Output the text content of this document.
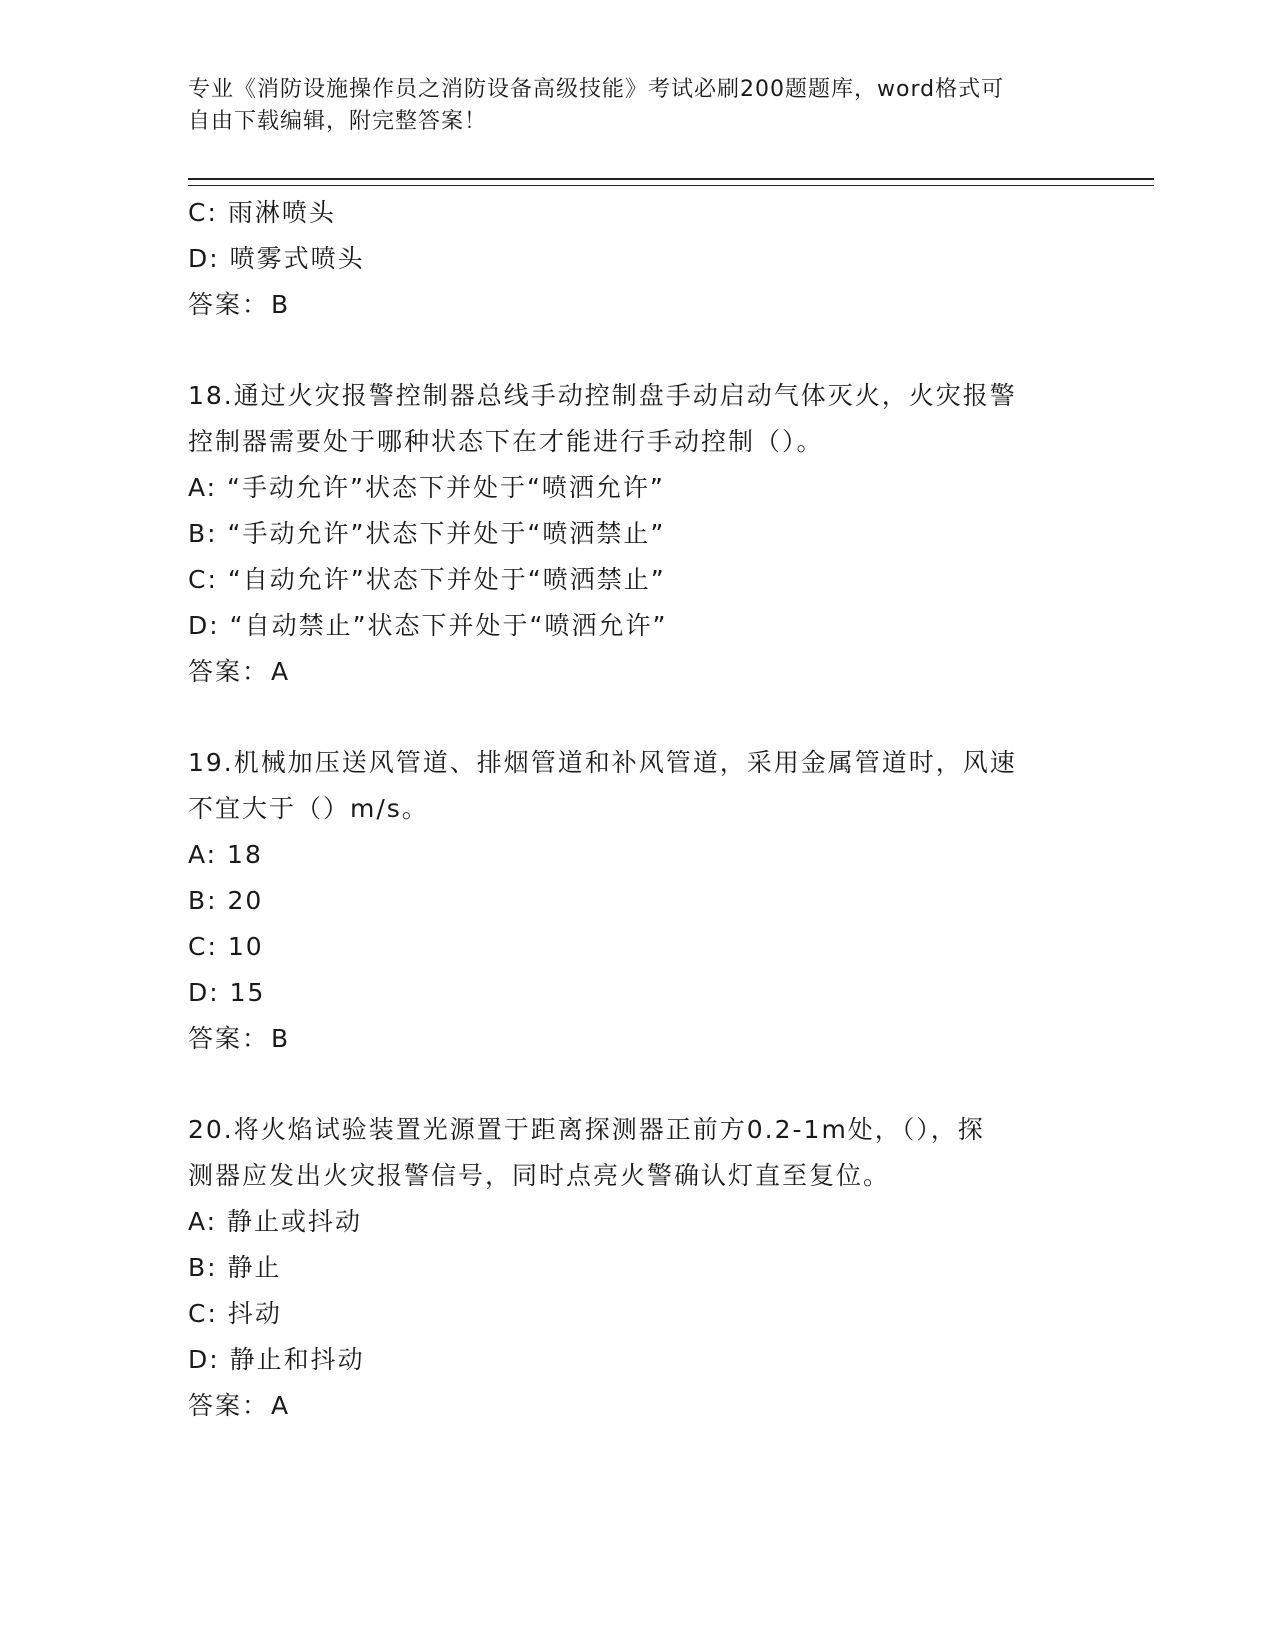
专业《消防设施操作员之消防设备高级技能》考试必刷200题题库，word格式可
自由下载编辑，附完整答案！
C: 雨淋喷头
D: 喷雾式喷头
答案：B
18.通过火灾报警控制器总线手动控制盘手动启动气体灭火，火灾报警
控制器需要处于哪种状态下在才能进行手动控制（）。
A: “手动允许”状态下并处于“喷洒允许”
B: “手动允许”状态下并处于“喷洒禁止”
C: “自动允许”状态下并处于“喷洒禁止”
D: “自动禁止”状态下并处于“喷洒允许”
答案：A
19.机械加压送风管道、排烟管道和补风管道，采用金属管道时，风速
不宜大于（）m/s。
A: 18
B: 20
C: 10
D: 15
答案：B
20.将火焰试验装置光源置于距离探测器正前方0.2-1m处，（），探
测器应发出火灾报警信号，同时点亮火警确认灯直至复位。
A: 静止或抖动
B: 静止
C: 抖动
D: 静止和抖动
答案：A
